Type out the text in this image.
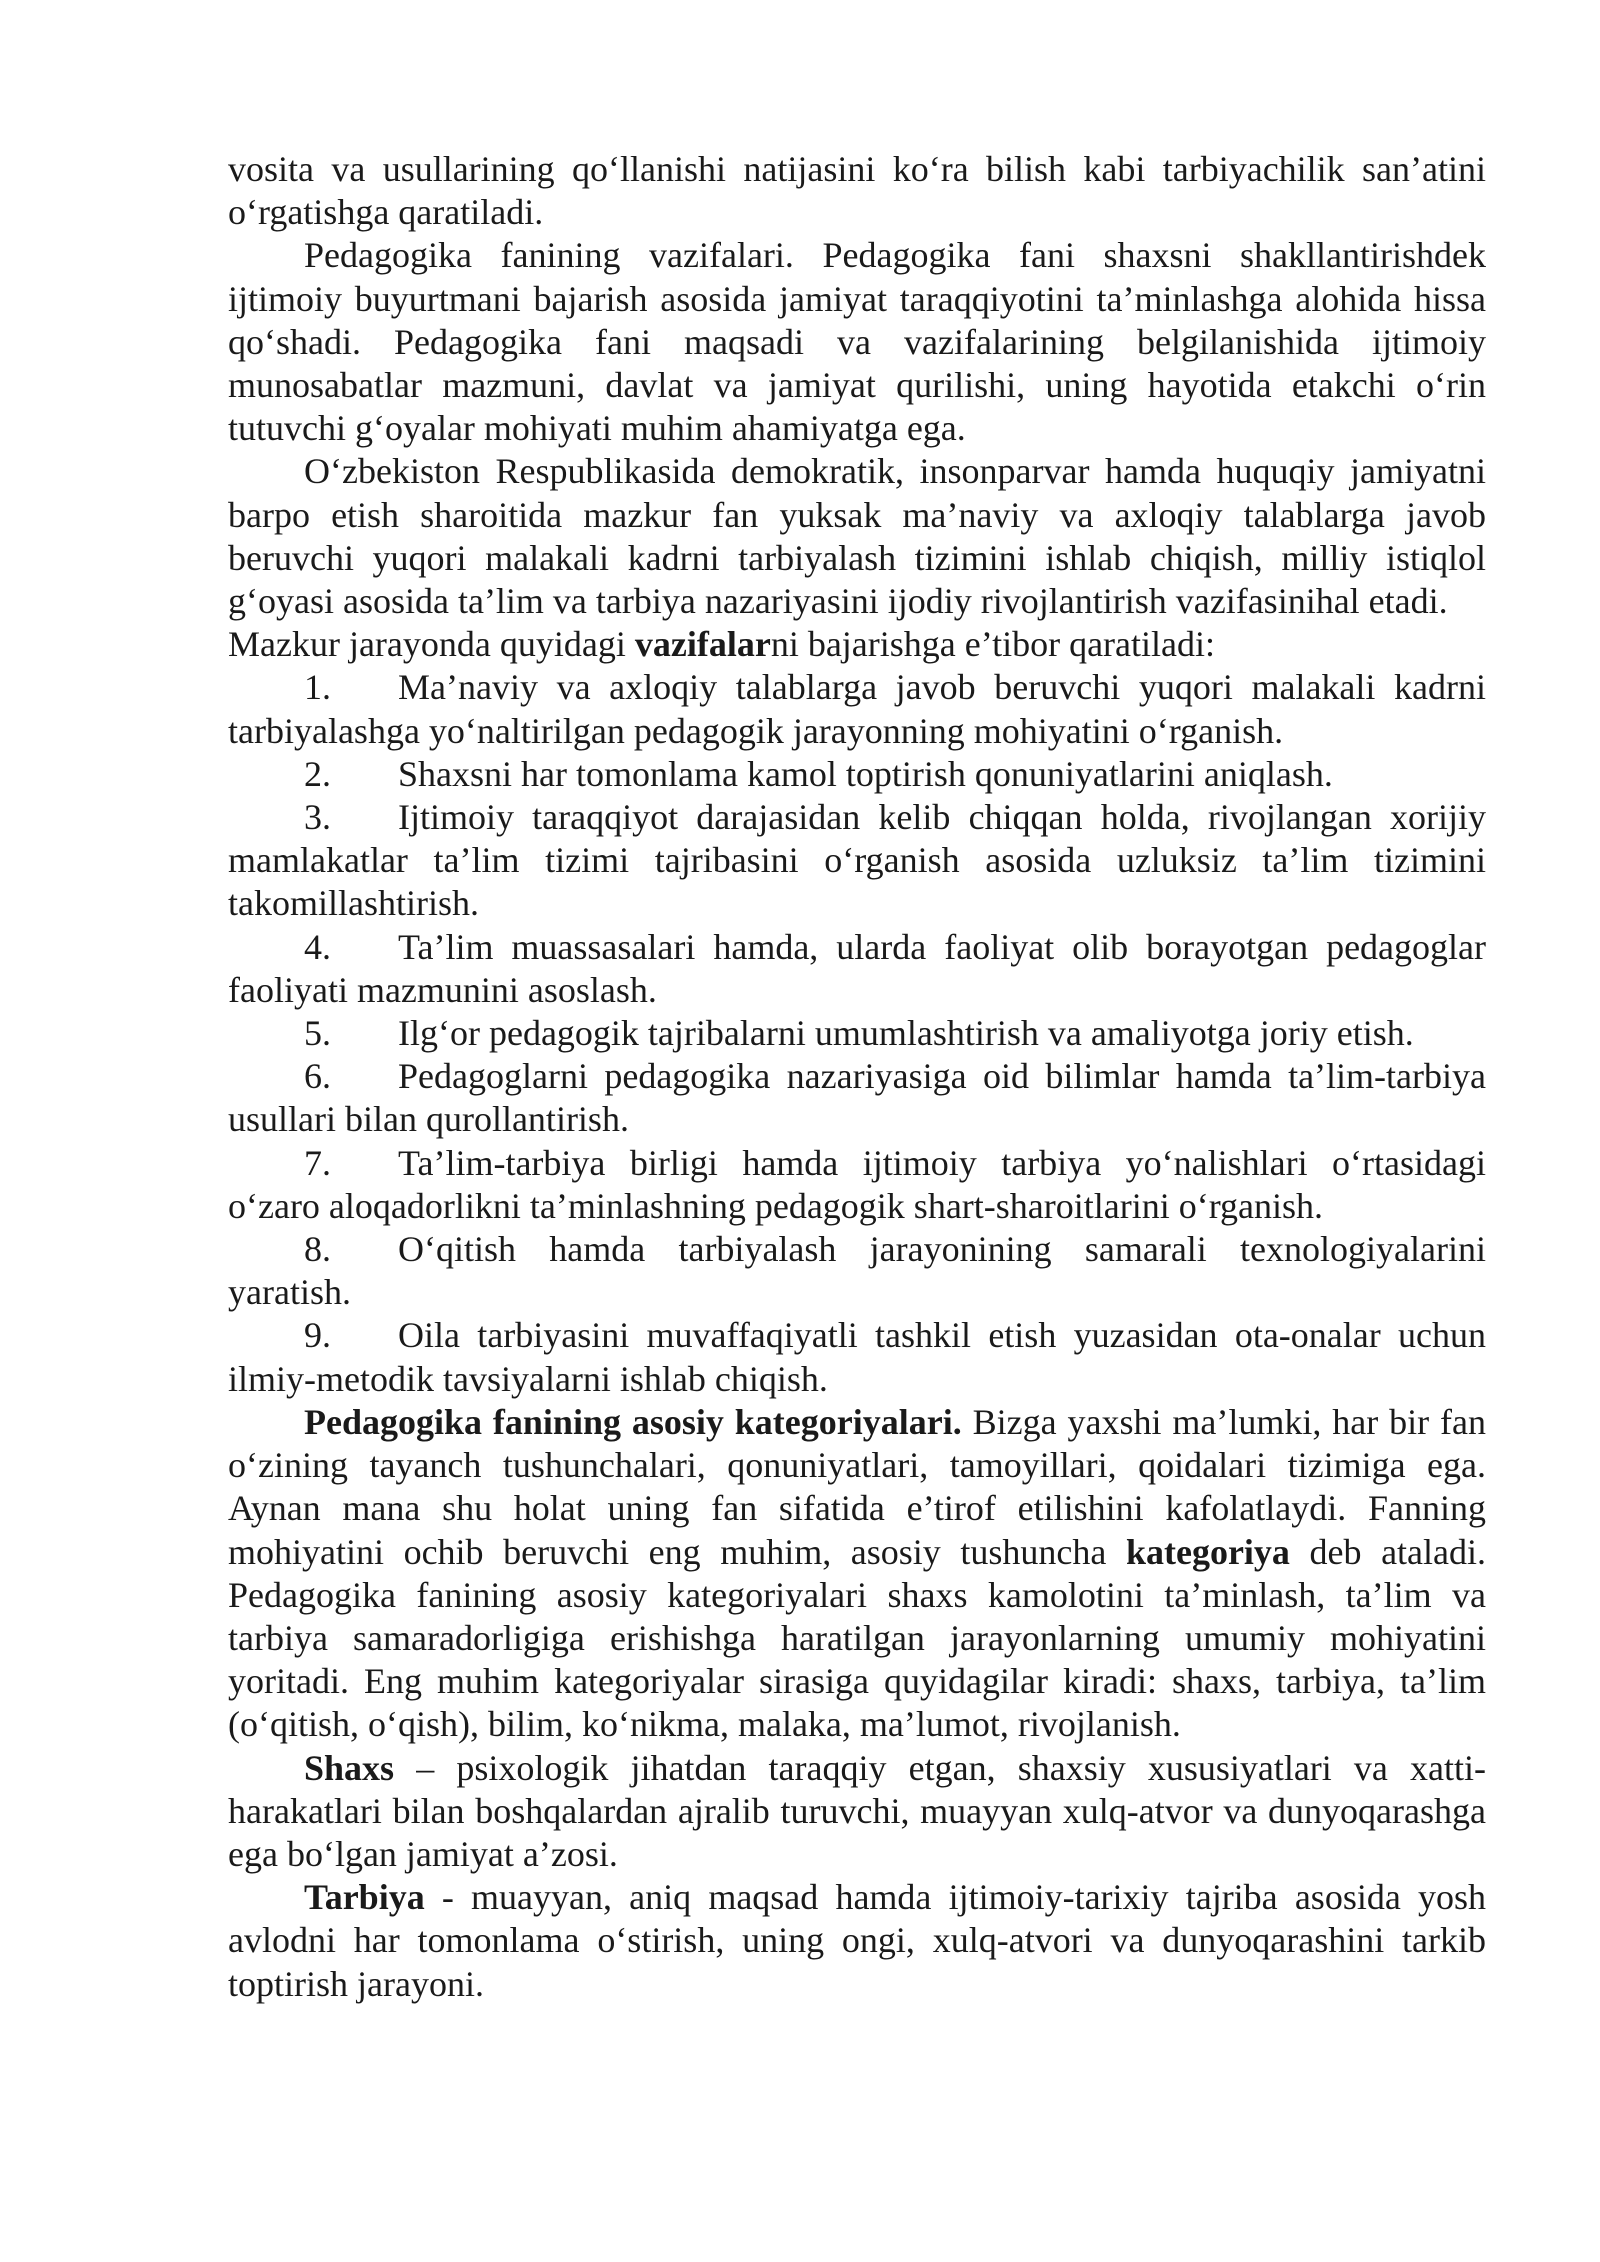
vosita va usullarining qo‘llanishi natijasini ko‘ra bilish kabi tarbiyachilik san’atini o‘rgatishga qaratiladi.

Pedagogika fanining vazifalari. Pedagogika fani shaxsni shakllantirishdek ijtimoiy buyurtmani bajarish asosida jamiyat taraqqiyotini ta’minlashga alohida hissa qo‘shadi. Pedagogika fani maqsadi va vazifalarining belgilanishida ijtimoiy munosabatlar mazmuni, davlat va jamiyat qurilishi, uning hayotida etakchi o‘rin tutuvchi g‘oyalar mohiyati muhim ahamiyatga ega.

O‘zbekiston Respublikasida demokratik, insonparvar hamda huquqiy jamiyatni barpo etish sharoitida mazkur fan yuksak ma’naviy va axloqiy talablarga javob beruvchi yuqori malakali kadrni tarbiyalash tizimini ishlab chiqish, milliy istiqlol g‘oyasi asosida ta’lim va tarbiya nazariyasini ijodiy rivojlantirish vazifasinihal etadi.

Mazkur jarayonda quyidagi vazifalarni bajarishga e’tibor qaratiladi:

1. Ma’naviy va axloqiy talablarga javob beruvchi yuqori malakali kadrni tarbiyalashga yo‘naltirilgan pedagogik jarayonning mohiyatini o‘rganish.

2. Shaxsni har tomonlama kamol toptirish qonuniyatlarini aniqlash.

3. Ijtimoiy taraqqiyot darajasidan kelib chiqqan holda, rivojlangan xorijiy mamlakatlar ta’lim tizimi tajribasini o‘rganish asosida uzluksiz ta’lim tizimini takomillashtirish.

4. Ta’lim muassasalari hamda, ularda faoliyat olib borayotgan pedagoglar faoliyati mazmunini asoslash.

5. Ilg‘or pedagogik tajribalarni umumlashtirish va amaliyotga joriy etish.

6. Pedagoglarni pedagogika nazariyasiga oid bilimlar hamda ta’lim-tarbiya usullari bilan qurollantirish.

7. Ta’lim-tarbiya birligi hamda ijtimoiy tarbiya yo‘nalishlari o‘rtasidagi o‘zaro aloqadorlikni ta’minlashning pedagogik shart-sharoitlarini o‘rganish.

8. O‘qitish hamda tarbiyalash jarayonining samarali texnologiyalarini yaratish.

9. Oila tarbiyasini muvaffaqiyatli tashkil etish yuzasidan ota-onalar uchun ilmiy-metodik tavsiyalarni ishlab chiqish.

Pedagogika fanining asosiy kategoriyalari. Bizga yaxshi ma’lumki, har bir fan o‘zining tayanch tushunchalari, qonuniyatlari, tamoyillari, qoidalari tizimiga ega. Aynan mana shu holat uning fan sifatida e’tirof etilishini kafolatlaydi. Fanning mohiyatini ochib beruvchi eng muhim, asosiy tushuncha kategoriya deb ataladi. Pedagogika fanining asosiy kategoriyalari shaxs kamolotini ta’minlash, ta’lim va tarbiya samaradorligiga erishishga haratilgan jarayonlarning umumiy mohiyatini yoritadi. Eng muhim kategoriyalar sirasiga quyidagilar kiradi: shaxs, tarbiya, ta’lim (o‘qitish, o‘qish), bilim, ko‘nikma, malaka, ma’lumot, rivojlanish.

Shaxs – psixologik jihatdan taraqqiy etgan, shaxsiy xususiyatlari va xatti-harakatlari bilan boshqalardan ajralib turuvchi, muayyan xulq-atvor va dunyoqarashga ega bo‘lgan jamiyat a’zosi.

Tarbiya - muayyan, aniq maqsad hamda ijtimoiy-tarixiy tajriba asosida yosh avlodni har tomonlama o‘stirish, uning ongi, xulq-atvori va dunyoqarashini tarkib toptirish jarayoni.
